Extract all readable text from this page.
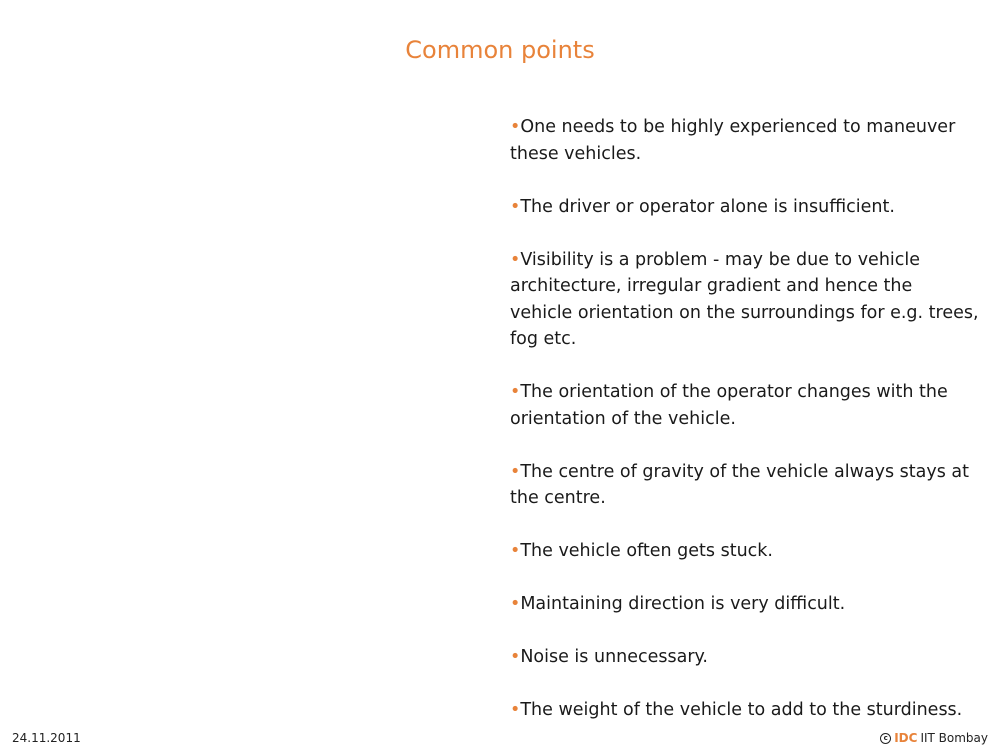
Common points
•One needs to be highly experienced to maneuver these vehicles.
•The driver or operator alone is insufficient.
•Visibility is a problem - may be due to vehicle architecture, irregular gradient and hence the vehicle orientation on the surroundings for e.g. trees, fog etc.
•The orientation of the operator changes with the orientation of the vehicle.
•The centre of gravity of the vehicle always stays at the centre.
•The vehicle often gets stuck.
•Maintaining direction is very difficult.
•Noise is unnecessary.
•The weight of the vehicle to add to the sturdiness.
24.11.2011	c IDC IIT Bombay
